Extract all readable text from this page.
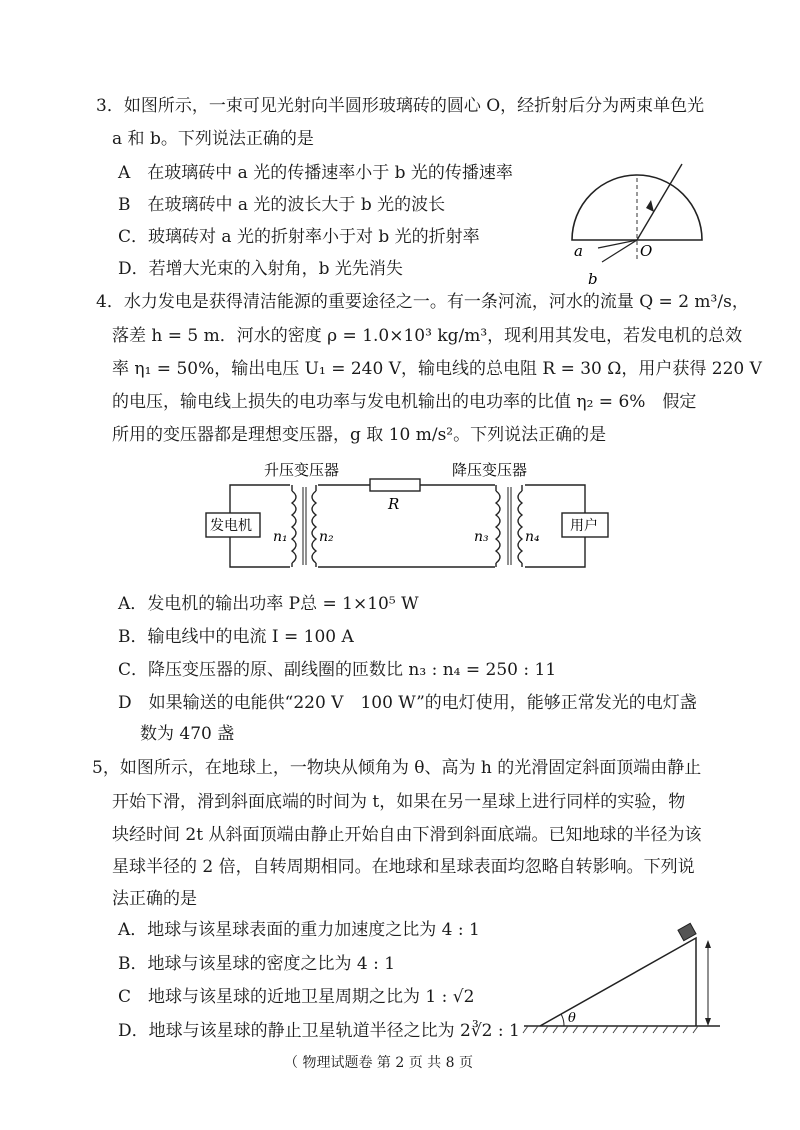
3．如图所示，一束可见光射向半圆形玻璃砖的圆心 O，经折射后分为两束单色光
a 和 b。下列说法正确的是
A　在玻璃砖中 a 光的传播速率小于 b 光的传播速率
B　在玻璃砖中 a 光的波长大于 b 光的波长
C．玻璃砖对 a 光的折射率小于对 b 光的折射率
D．若增大光束的入射角，b 光先消失
O
a
b
4．水力发电是获得清洁能源的重要途径之一。有一条河流，河水的流量 Q = 2 m³/s，
落差 h = 5 m．河水的密度 ρ = 1.0×10³ kg/m³，现利用其发电，若发电机的总效
率 η₁ = 50%，输出电压 U₁ = 240 V，输电线的总电阻 R = 30 Ω，用户获得 220 V
的电压，输电线上损失的电功率与发电机输出的电功率的比值 η₂ = 6%　假定
所用的变压器都是理想变压器，g 取 10 m/s²。下列说法正确的是
升压变压器	降压变压器
R
发电机	用户
n₁ n₂	n₃	n₄
A．发电机的输出功率 P总 = 1×10⁵ W
B．输电线中的电流 I = 100 A
C．降压变压器的原、副线圈的匝数比 n₃ : n₄ = 250 : 11
D　如果输送的电能供“220 V　100 W”的电灯使用，能够正常发光的电灯盏
数为 470 盏
5，如图所示，在地球上，一物块从倾角为 θ、高为 h 的光滑固定斜面顶端由静止
开始下滑，滑到斜面底端的时间为 t，如果在另一星球上进行同样的实验，物
块经时间 2t 从斜面顶端由静止开始自由下滑到斜面底端。已知地球的半径为该
星球半径的 2 倍，自转周期相同。在地球和星球表面均忽略自转影响。下列说
法正确的是
A．地球与该星球表面的重力加速度之比为 4 : 1
B．地球与该星球的密度之比为 4 : 1
C　地球与该星球的近地卫星周期之比为 1 : √2
D．地球与该星球的静止卫星轨道半径之比为 2∛2 : 1
θ
（ 物理试题卷 第 2 页 共 8 页
